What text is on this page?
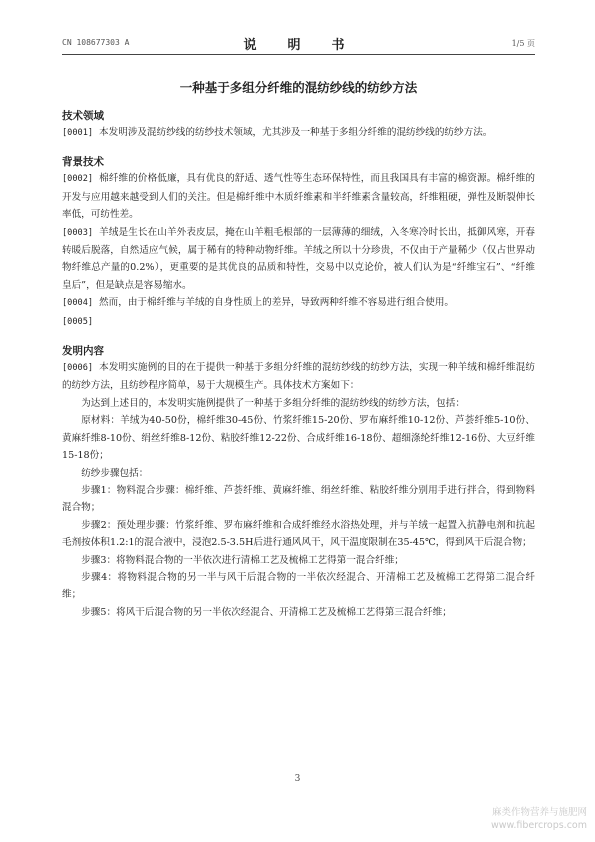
CN 108677303 A	说　明　书	1/5 页
一种基于多组分纤维的混纺纱线的纺纱方法

技术领域

[0001] 本发明涉及混纺纱线的纺纱技术领域，尤其涉及一种基于多组分纤维的混纺纱线的纺纱方法。

背景技术

[0002] 棉纤维的价格低廉，具有优良的舒适、透气性等生态环保特性，而且我国具有丰富的棉资源。棉纤维的开发与应用越来越受到人们的关注。但是棉纤维中木质纤维素和半纤维素含量较高，纤维粗硬，弹性及断裂伸长率低，可纺性差。

[0003] 羊绒是生长在山羊外表皮层，掩在山羊粗毛根部的一层薄薄的细绒，入冬寒冷时长出，抵御风寒，开春转暖后脱落，自然适应气候，属于稀有的特种动物纤维。羊绒之所以十分珍贵，不仅由于产量稀少（仅占世界动物纤维总产量的0.2%），更重要的是其优良的品质和特性，交易中以克论价，被人们认为是“纤维宝石”、“纤维皇后”，但是缺点是容易缩水。

[0004] 然而，由于棉纤维与羊绒的自身性质上的差异，导致两种纤维不容易进行组合使用。

[0005]

发明内容

[0006] 本发明实施例的目的在于提供一种基于多组分纤维的混纺纱线的纺纱方法，实现一种羊绒和棉纤维混纺的纺纱方法，且纺纱程序简单，易于大规模生产。具体技术方案如下：

为达到上述目的，本发明实施例提供了一种基于多组分纤维的混纺纱线的纺纱方法，包括：

原材料：羊绒为40-50份，棉纤维30-45份、竹浆纤维15-20份、罗布麻纤维10-12份、芦荟纤维5-10份、黄麻纤维8-10份、绢丝纤维8-12份、粘胶纤维12-22份、合成纤维16-18份、超细涤纶纤维12-16份、大豆纤维15-18份；

纺纱步骤包括：

步骤1：物料混合步骤：棉纤维、芦荟纤维、黄麻纤维、绢丝纤维、粘胶纤维分别用手进行拌合，得到物料混合物；

步骤2：预处理步骤：竹浆纤维、罗布麻纤维和合成纤维经水浴热处理，并与羊绒一起置入抗静电剂和抗起毛剂按体积1.2:1的混合液中，浸泡2.5-3.5H后进行通风风干，风干温度限制在35-45℃，得到风干后混合物；

步骤3：将物料混合物的一半依次进行清棉工艺及梳棉工艺得第一混合纤维；

步骤4：将物料混合物的另一半与风干后混合物的一半依次经混合、开清棉工艺及梳棉工艺得第二混合纤维；

步骤5：将风干后混合物的另一半依次经混合、开清棉工艺及梳棉工艺得第三混合纤维；

3
麻类作物营养与施肥网
www.fibercrops.com
